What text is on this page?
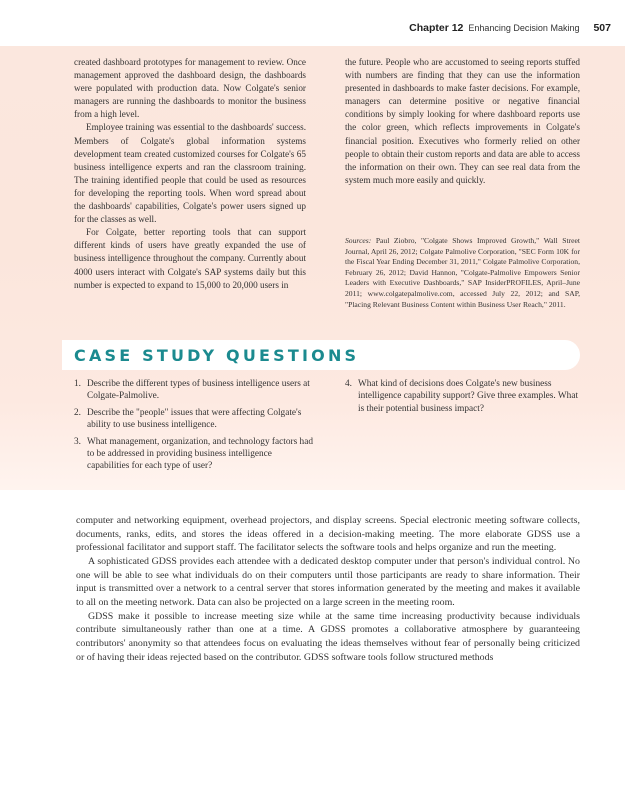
Chapter 12 Enhancing Decision Making 507

created dashboard prototypes for management to review. Once management approved the dashboard design, the dashboards were populated with production data. Now Colgate's senior managers are running the dashboards to monitor the business from a high level.

Employee training was essential to the dashboards' success. Members of Colgate's global information systems development team created customized courses for Colgate's 65 business intelligence experts and ran the classroom training. The training identified people that could be used as resources for developing the reporting tools. When word spread about the dashboards' capabilities, Colgate's power users signed up for the classes as well.

For Colgate, better reporting tools that can support different kinds of users have greatly expanded the use of business intelligence throughout the company. Currently about 4000 users interact with Colgate's SAP systems daily but this number is expected to expand to 15,000 to 20,000 users in

the future. People who are accustomed to seeing reports stuffed with numbers are finding that they can use the information presented in dashboards to make faster decisions. For example, managers can determine positive or negative financial conditions by simply looking for where dashboard reports use the color green, which reflects improvements in Colgate's financial position. Executives who formerly relied on other people to obtain their custom reports and data are able to access the information on their own. They can see real data from the system much more easily and quickly.

Sources: Paul Ziobro, "Colgate Shows Improved Growth," Wall Street Journal, April 26, 2012; Colgate Palmolive Corporation, "SEC Form 10K for the Fiscal Year Ending December 31, 2011," Colgate Palmolive Corporation, February 26, 2012; David Hannon, "Colgate-Palmolive Empowers Senior Leaders with Executive Dashboards," SAP InsiderPROFILES, April–June 2011; www.colgatepalmolive.com, accessed July 22, 2012; and SAP, "Placing Relevant Business Content within Business User Reach," 2011.
CASE STUDY QUESTIONS
1. Describe the different types of business intelligence users at Colgate-Palmolive.
2. Describe the "people" issues that were affecting Colgate's ability to use business intelligence.
3. What management, organization, and technology factors had to be addressed in providing business intelligence capabilities for each type of user?
4. What kind of decisions does Colgate's new business intelligence capability support? Give three examples. What is their potential business impact?

computer and networking equipment, overhead projectors, and display screens. Special electronic meeting software collects, documents, ranks, edits, and stores the ideas offered in a decision-making meeting. The more elaborate GDSS use a professional facilitator and support staff. The facilitator selects the software tools and helps organize and run the meeting.

A sophisticated GDSS provides each attendee with a dedicated desktop computer under that person's individual control. No one will be able to see what individuals do on their computers until those participants are ready to share information. Their input is transmitted over a network to a central server that stores information generated by the meeting and makes it available to all on the meeting network. Data can also be projected on a large screen in the meeting room.

GDSS make it possible to increase meeting size while at the same time increasing productivity because individuals contribute simultaneously rather than one at a time. A GDSS promotes a collaborative atmosphere by guaranteeing contributors' anonymity so that attendees focus on evaluating the ideas themselves without fear of personally being criticized or of having their ideas rejected based on the contributor. GDSS software tools follow structured methods
